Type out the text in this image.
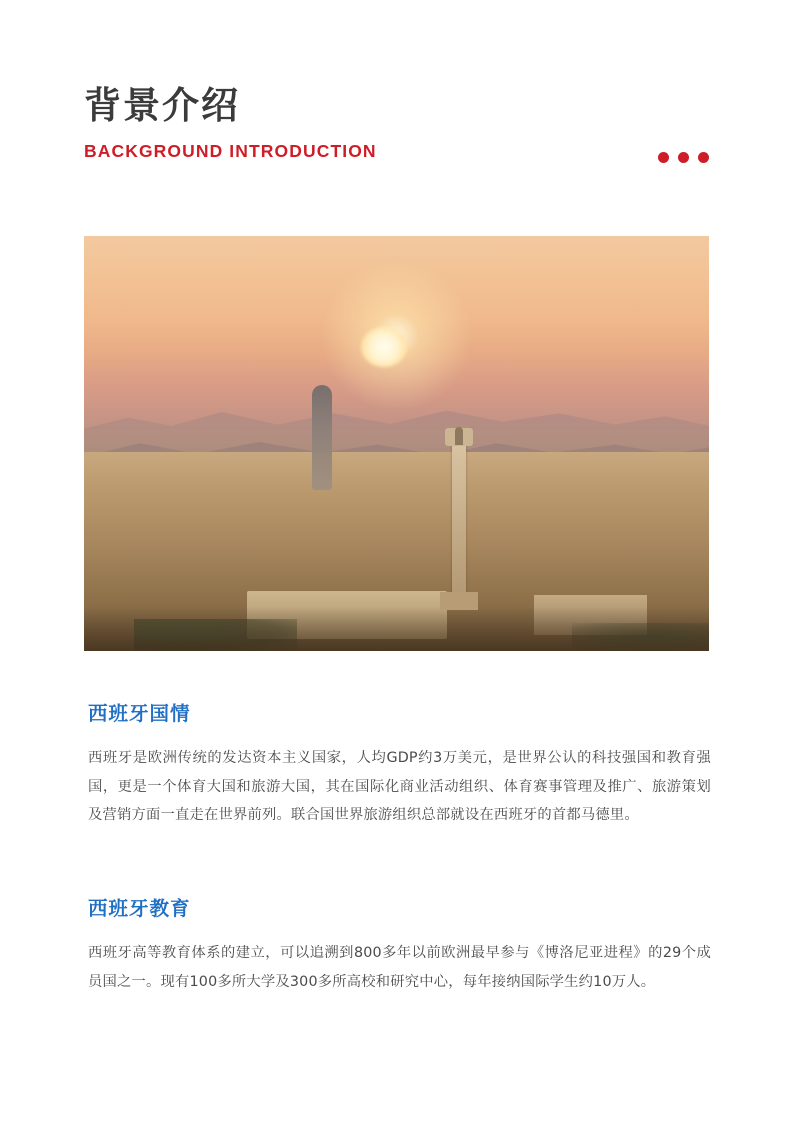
背景介绍
BACKGROUND INTRODUCTION
西班牙国情

西班牙是欧洲传统的发达资本主义国家，人均GDP约3万美元，是世界公认的科技强国和教育强国，更是一个体育大国和旅游大国，其在国际化商业活动组织、体育赛事管理及推广、旅游策划及营销方面一直走在世界前列。联合国世界旅游组织总部就设在西班牙的首都马德里。

西班牙教育

西班牙高等教育体系的建立，可以追溯到800多年以前欧洲最早参与《博洛尼亚进程》的29个成员国之一。现有100多所大学及300多所高校和研究中心，每年接纳国际学生约10万人。
